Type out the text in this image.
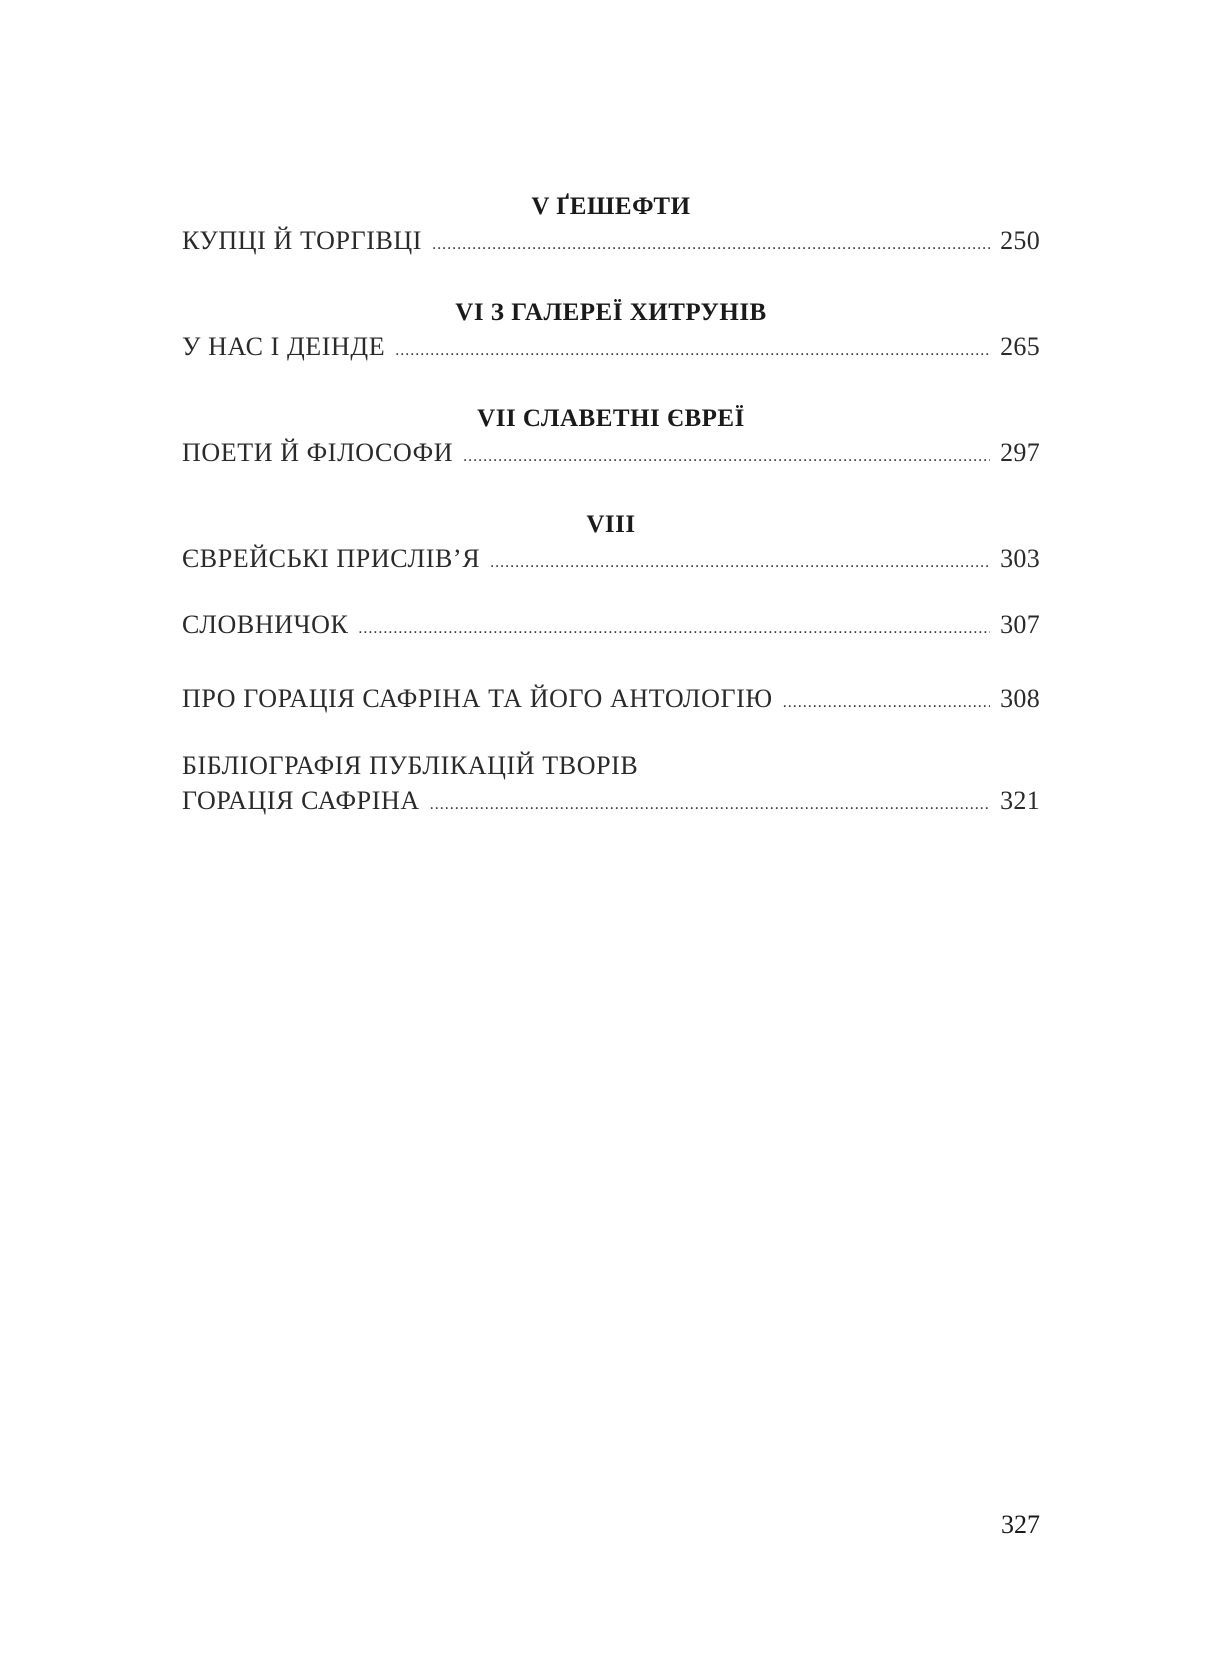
V ҐЕШЕФТИ
КУПЦІ Й ТОРГІВЦІ .....	250
VI З ГАЛЕРЕЇ ХИТРУНІВ
У НАС І ДЕІНДЕ .....	265
VII СЛАВЕТНІ ЄВРЕЇ
ПОЕТИ Й ФІЛОСОФИ .....	297
VIII
ЄВРЕЙСЬКІ ПРИСЛІВ’Я .....	303
СЛОВНИЧОК .....	307
ПРО ГОРАЦІЯ САФРІНА ТА ЙОГО АНТОЛОГІЮ .....	308
БІБЛІОГРАФІЯ ПУБЛІКАЦІЙ ТВОРІВ
ГОРАЦІЯ САФРІНА .....	321
327
